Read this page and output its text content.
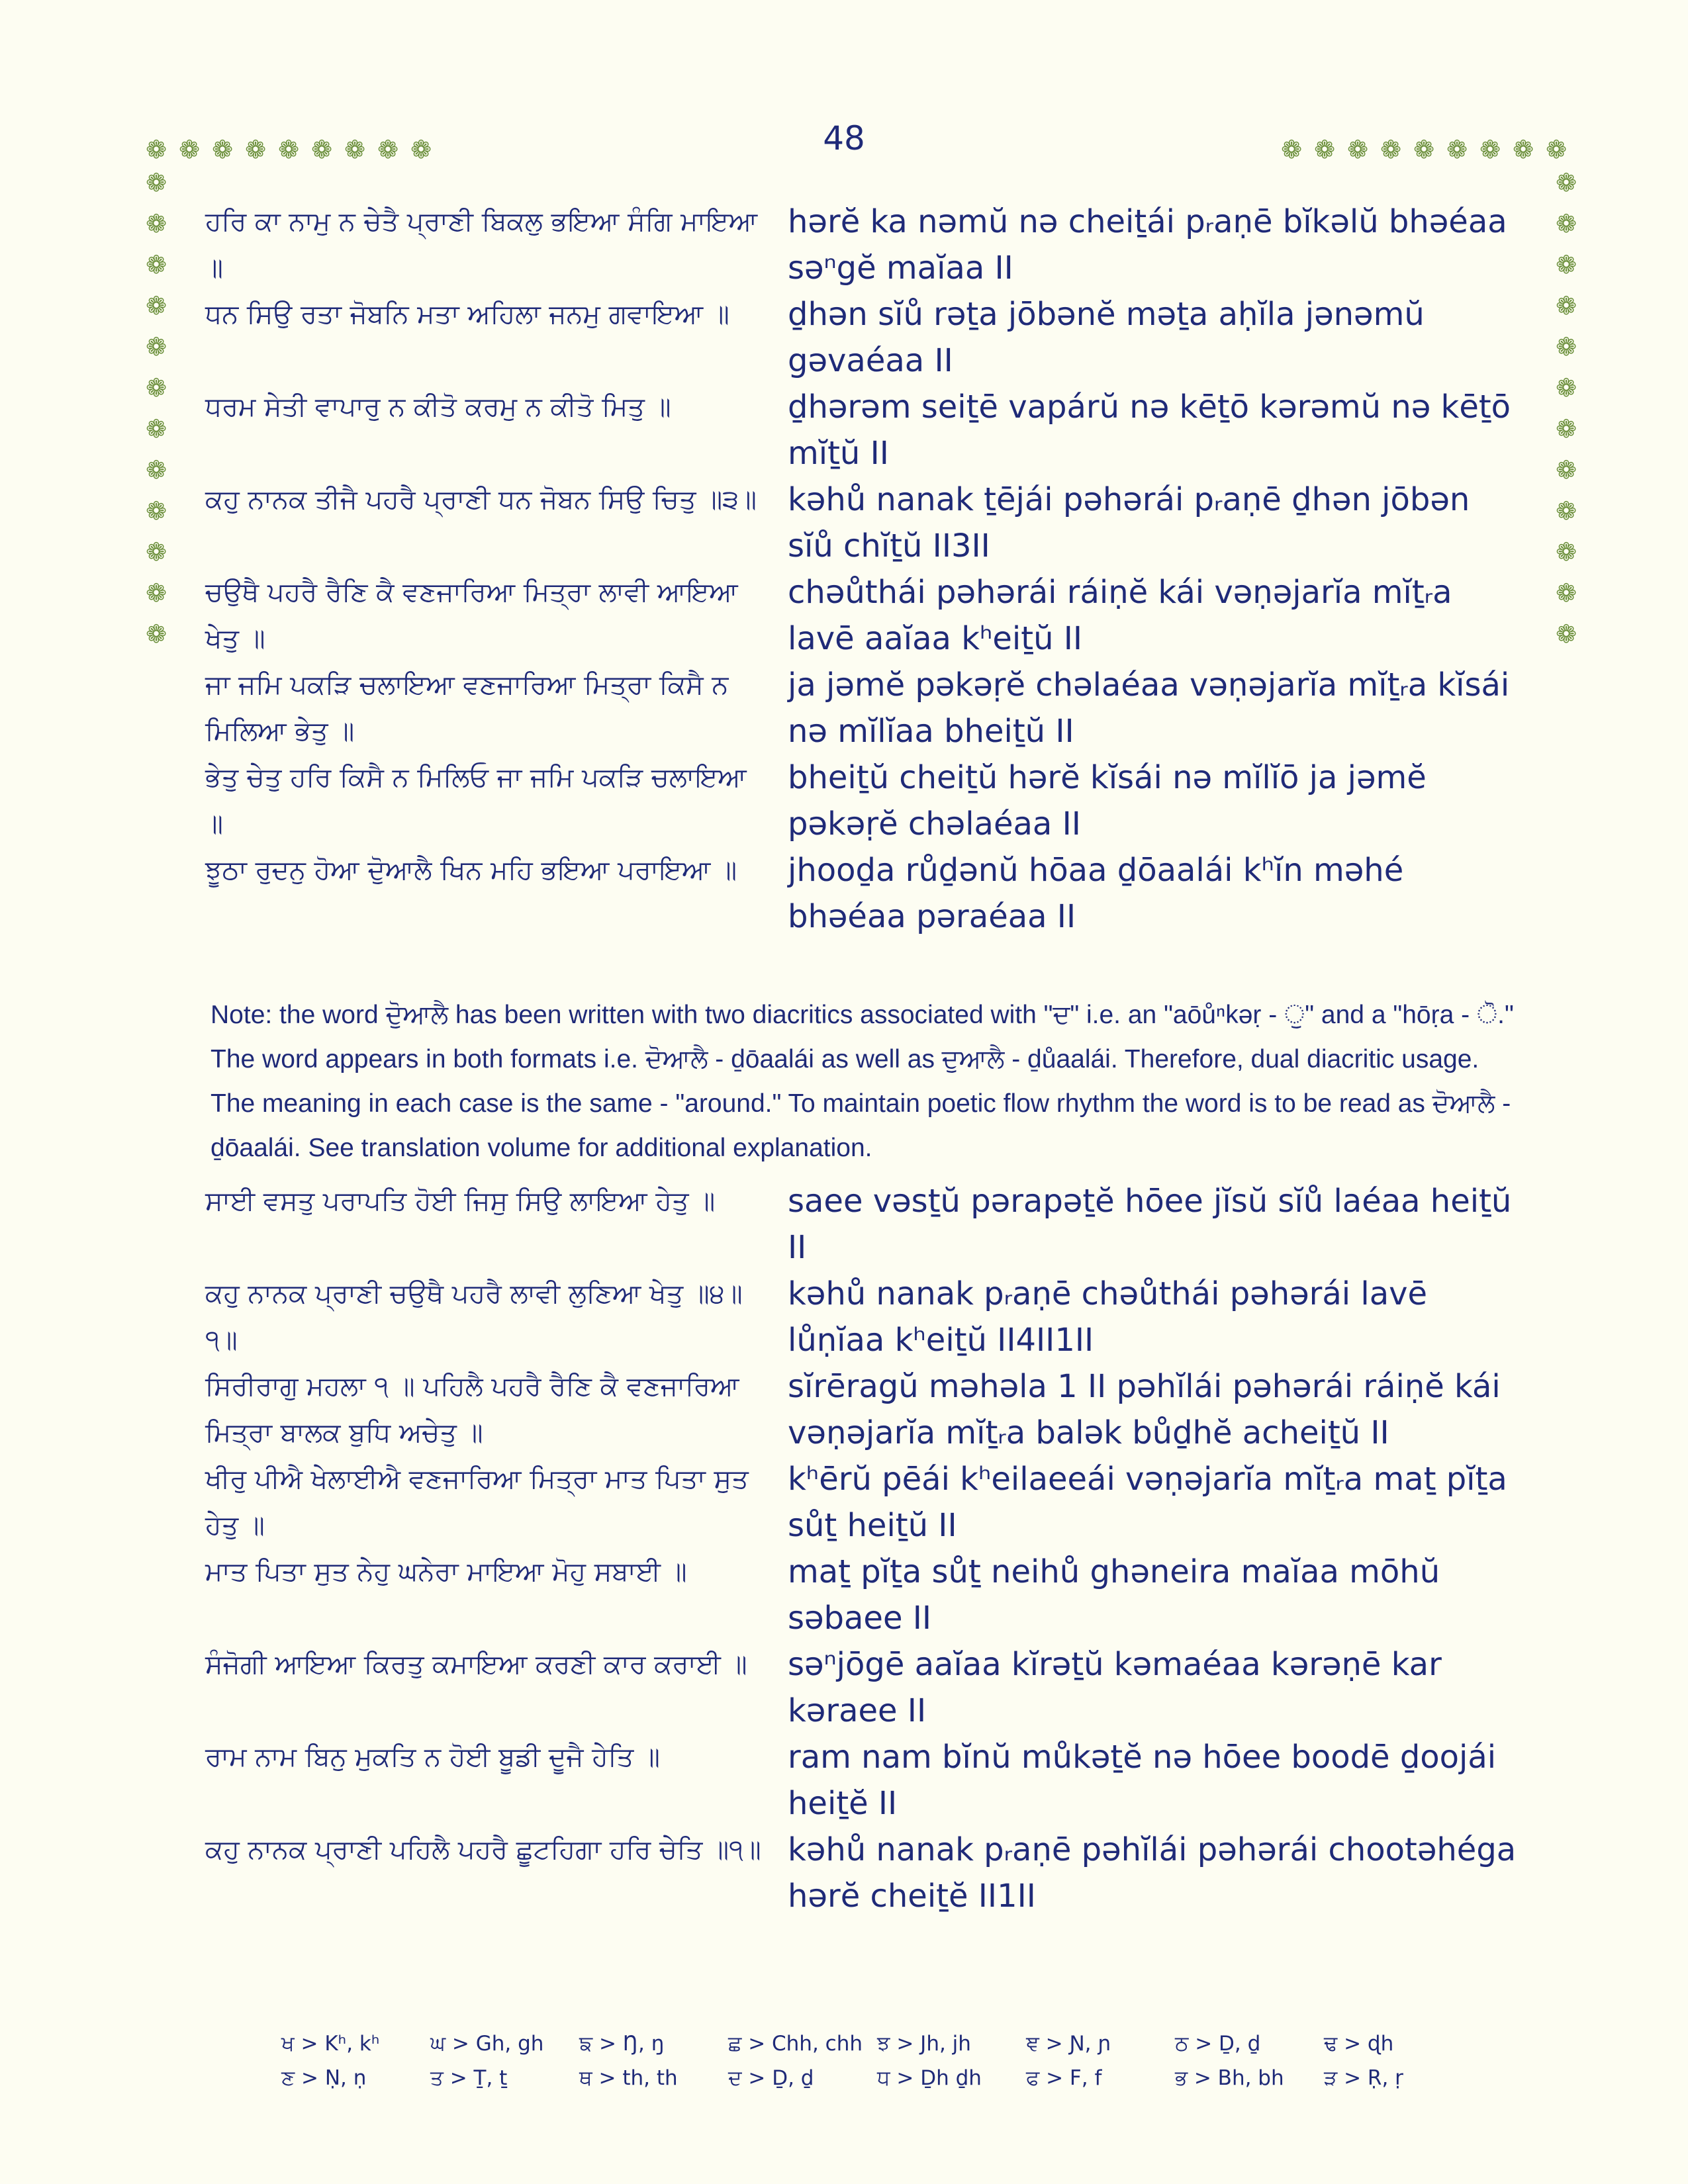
48
❁ ❁ ❁ ❁ ❁ ❁ ❁ ❁ ❁	❁ ❁ ❁ ❁ ❁ ❁ ❁ ❁ ❁
❁
❁
❁
❁
❁
❁
❁
❁
❁
❁
❁
❁
❁
❁
❁
❁
❁
❁
❁
❁
❁
❁
❁
❁
ਹਰਿ ਕਾ ਨਾਮੁ ਨ ਚੇਤੈ ਪ੍ਰਾਣੀ ਬਿਕਲੁ ਭਇਆ ਸੰਗਿ ਮਾਇਆ ॥
hərĕ ka nəmŭ nə cheiṯái pᵣaṇē bĭkəlŭ bhəéaa səⁿgĕ maĭaa II
ਧਨ ਸਿਉ ਰਤਾ ਜੋਬਨਿ ਮਤਾ ਅਹਿਲਾ ਜਨਮੁ ਗਵਾਇਆ ॥	ḏhən sĭů rəṯa jōbənĕ məṯa aḥĭla jənəmŭ gəvaéaa II
ਧਰਮ ਸੇਤੀ ਵਾਪਾਰੁ ਨ ਕੀਤੋ ਕਰਮੁ ਨ ਕੀਤੋ ਮਿਤੁ ॥	ḏhərəm seiṯē vapárŭ nə kēṯō kərəmŭ nə kēṯō mĭṯŭ II
ਕਹੁ ਨਾਨਕ ਤੀਜੈ ਪਹਰੈ ਪ੍ਰਾਣੀ ਧਨ ਜੋਬਨ ਸਿਉ ਚਿਤੁ ॥੩॥ kəhů nanak ṯējái pəhərái pᵣaṇē ḏhən jōbən sĭů chĭṯŭ II3II
ਚਉਥੈ ਪਹਰੈ ਰੈਣਿ ਕੈ ਵਣਜਾਰਿਆ ਮਿਤ੍ਰਾ ਲਾਵੀ ਆਇਆ ਖੇਤੁ ॥
chəůthái pəhərái ráiṇĕ kái vəṇəjarĭa mĭṯᵣa lavē aaĭaa kʰeiṯŭ II
ਜਾ ਜਮਿ ਪਕੜਿ ਚਲਾਇਆ ਵਣਜਾਰਿਆ ਮਿਤ੍ਰਾ ਕਿਸੈ ਨ ਮਿਲਿਆ ਭੇਤੁ ॥
ja jəmĕ pəkəṛĕ chəlaéaa vəṇəjarĭa mĭṯᵣa kĭsái nə mĭlĭaa bheiṯŭ II
ਭੇਤੁ ਚੇਤੁ ਹਰਿ ਕਿਸੈ ਨ ਮਿਲਿਓ ਜਾ ਜਮਿ ਪਕੜਿ ਚਲਾਇਆ ॥
bheiṯŭ cheiṯŭ hərĕ kĭsái nə mĭlĭō ja jəmĕ pəkəṛĕ chəlaéaa II
ਝੂਠਾ ਰੁਦਨੁ ਹੋਆ ਦੋੁਆਲੈ ਖਿਨ ਮਹਿ ਭਇਆ ਪਰਾਇਆ ॥	jhooḏa růḏənŭ hōaa ḏōaalái kʰĭn məhé bhəéaa pəraéaa II
Note: the word ਦੋੁਆਲੈ has been written with two diacritics associated with "ਦ" i.e. an "aōůⁿkəṛ - ੁ" and a "hōṛa - ੋ." The word appears in both formats i.e. ਦੋਆਲੈ - ḏōaalái as well as ਦੁਆਲੈ - ḏůaalái. Therefore, dual diacritic usage. The meaning in each case is the same - "around." To maintain poetic flow rhythm the word is to be read as ਦੋਆਲੈ - ḏōaalái. See translation volume for additional explanation.
ਸਾਈ ਵਸਤੁ ਪਰਾਪਤਿ ਹੋਈ ਜਿਸੁ ਸਿਉ ਲਾਇਆ ਹੇਤੁ ॥	saee vəsṯŭ pərapəṯĕ hōee jĭsŭ sĭů laéaa heiṯŭ II
ਕਹੁ ਨਾਨਕ ਪ੍ਰਾਣੀ ਚਉਥੈ ਪਹਰੈ ਲਾਵੀ ਲੁਣਿਆ ਖੇਤੁ ॥੪॥੧॥
kəhů nanak pᵣaṇē chəůthái pəhərái lavē lůṇĭaa kʰeiṯŭ II4II1II
ਸਿਰੀਰਾਗੁ ਮਹਲਾ ੧ ॥ ਪਹਿਲੈ ਪਹਰੈ ਰੈਣਿ ਕੈ ਵਣਜਾਰਿਆ ਮਿਤ੍ਰਾ ਬਾਲਕ ਬੁਧਿ ਅਚੇਤੁ ॥
sĭrēragŭ məhəla 1 II pəhĭlái pəhərái ráiṇĕ kái vəṇəjarĭa mĭṯᵣa balək bůḏhĕ acheiṯŭ II
ਖੀਰੁ ਪੀਐ ਖੇਲਾਈਐ ਵਣਜਾਰਿਆ ਮਿਤ੍ਰਾ ਮਾਤ ਪਿਤਾ ਸੁਤ ਹੇਤੁ ॥
kʰērŭ pēái kʰeilaeeái vəṇəjarĭa mĭṯᵣa maṯ pĭṯa sůṯ heiṯŭ II
ਮਾਤ ਪਿਤਾ ਸੁਤ ਨੇਹੁ ਘਨੇਰਾ ਮਾਇਆ ਮੋਹੁ ਸਬਾਈ ॥	maṯ pĭṯa sůṯ neihů ghəneira maĭaa mōhŭ səbaee II
ਸੰਜੋਗੀ ਆਇਆ ਕਿਰਤੁ ਕਮਾਇਆ ਕਰਣੀ ਕਾਰ ਕਰਾਈ ॥	səⁿjōgē aaĭaa kĭrəṯŭ kəmaéaa kərəṇē kar kəraee II
ਰਾਮ ਨਾਮ ਬਿਨੁ ਮੁਕਤਿ ਨ ਹੋਈ ਬੂਡੀ ਦੂਜੈ ਹੇਤਿ ॥	ram nam bĭnŭ můkəṯĕ nə hōee boodē ḏoojái heiṯĕ II
ਕਹੁ ਨਾਨਕ ਪ੍ਰਾਣੀ ਪਹਿਲੈ ਪਹਰੈ ਛੂਟਹਿਗਾ ਹਰਿ ਚੇਤਿ ॥੧॥ kəhů nanak pᵣaṇē pəhĭlái pəhərái chootəhéga hərĕ cheiṯĕ II1II
ਖ > Kʰ, kʰ	ਘ > Gh, gh	ਙ > Ŋ, ŋ	ਛ > Chh, chh ਝ > Jh, jh	ਞ > Ɲ, ɲ	ਠ > Ḏ, ḏ	ਢ > ɖh
ਣ > Ṇ, ṇ	ਤ > Ṯ, ṯ	ਥ > th, th	ਦ > Ḏ, ḏ	ਧ > Ḏh ḏh	ਫ > F, f	ਭ > Bh, bh	ੜ > Ṛ, ṛ
